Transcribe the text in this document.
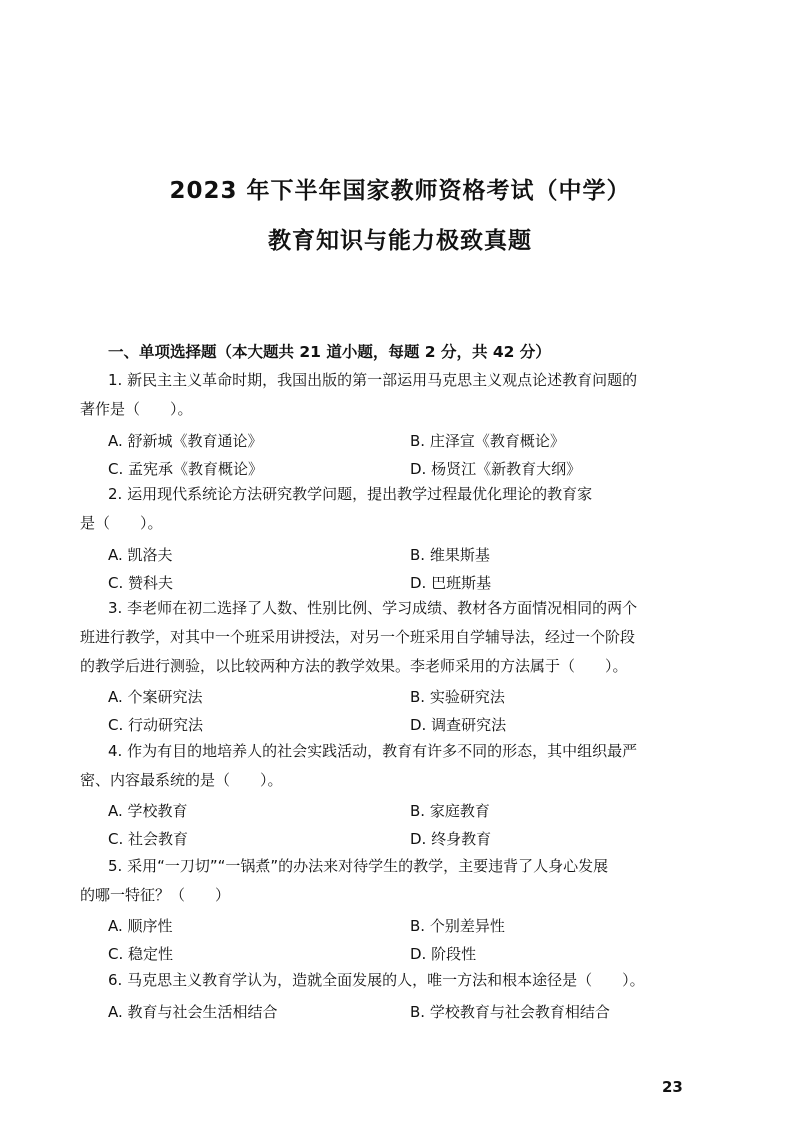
2023 年下半年国家教师资格考试（中学）
教育知识与能力极致真题
一、单项选择题（本大题共 21 道小题，每题 2 分，共 42 分）
1. 新民主主义革命时期，我国出版的第一部运用马克思主义观点论述教育问题的
著作是（　　）。
A. 舒新城《教育通论》	B. 庄泽宣《教育概论》
C. 孟宪承《教育概论》	D. 杨贤江《新教育大纲》
2. 运用现代系统论方法研究教学问题，提出教学过程最优化理论的教育家
是（　　）。
A. 凯洛夫	B. 维果斯基
C. 赞科夫	D. 巴班斯基
3. 李老师在初二选择了人数、性别比例、学习成绩、教材各方面情况相同的两个
班进行教学，对其中一个班采用讲授法，对另一个班采用自学辅导法，经过一个阶段
的教学后进行测验，以比较两种方法的教学效果。李老师采用的方法属于（　　）。
A. 个案研究法	B. 实验研究法
C. 行动研究法	D. 调查研究法
4. 作为有目的地培养人的社会实践活动，教育有许多不同的形态，其中组织最严
密、内容最系统的是（　　）。
A. 学校教育	B. 家庭教育
C. 社会教育	D. 终身教育
5. 采用“一刀切”“一锅煮”的办法来对待学生的教学，主要违背了人身心发展
的哪一特征？（　　）
A. 顺序性	B. 个别差异性
C. 稳定性	D. 阶段性
6. 马克思主义教育学认为，造就全面发展的人，唯一方法和根本途径是（　　）。
A. 教育与社会生活相结合	B. 学校教育与社会教育相结合
23
